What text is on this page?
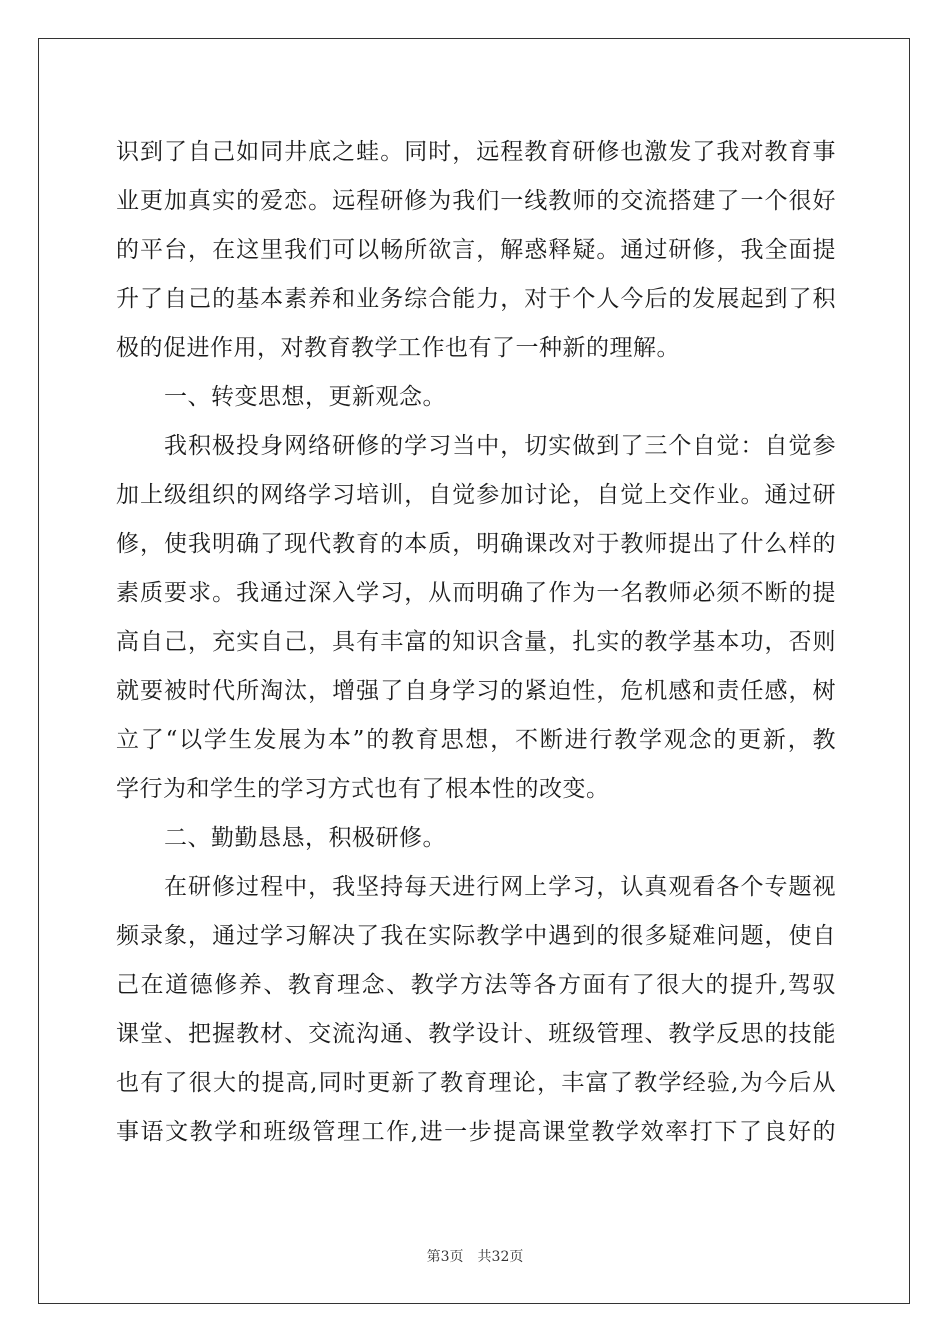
识到了自己如同井底之蛙。同时，远程教育研修也激发了我对教育事
业更加真实的爱恋。远程研修为我们一线教师的交流搭建了一个很好
的平台，在这里我们可以畅所欲言，解惑释疑。通过研修，我全面提
升了自己的基本素养和业务综合能力，对于个人今后的发展起到了积
极的促进作用，对教育教学工作也有了一种新的理解。
一、转变思想，更新观念。
我积极投身网络研修的学习当中，切实做到了三个自觉：自觉参
加上级组织的网络学习培训，自觉参加讨论，自觉上交作业。通过研
修，使我明确了现代教育的本质，明确课改对于教师提出了什么样的
素质要求。我通过深入学习，从而明确了作为一名教师必须不断的提
高自己，充实自己，具有丰富的知识含量，扎实的教学基本功，否则
就要被时代所淘汰，增强了自身学习的紧迫性，危机感和责任感，树
立了“以学生发展为本”的教育思想，不断进行教学观念的更新，教
学行为和学生的学习方式也有了根本性的改变。
二、勤勤恳恳，积极研修。
在研修过程中，我坚持每天进行网上学习，认真观看各个专题视
频录象，通过学习解决了我在实际教学中遇到的很多疑难问题，使自
己在道德修养、教育理念、教学方法等各方面有了很大的提升,驾驭
课堂、把握教材、交流沟通、教学设计、班级管理、教学反思的技能
也有了很大的提高,同时更新了教育理论，丰富了教学经验,为今后从
事语文教学和班级管理工作,进一步提高课堂教学效率打下了良好的
第3页 共32页
